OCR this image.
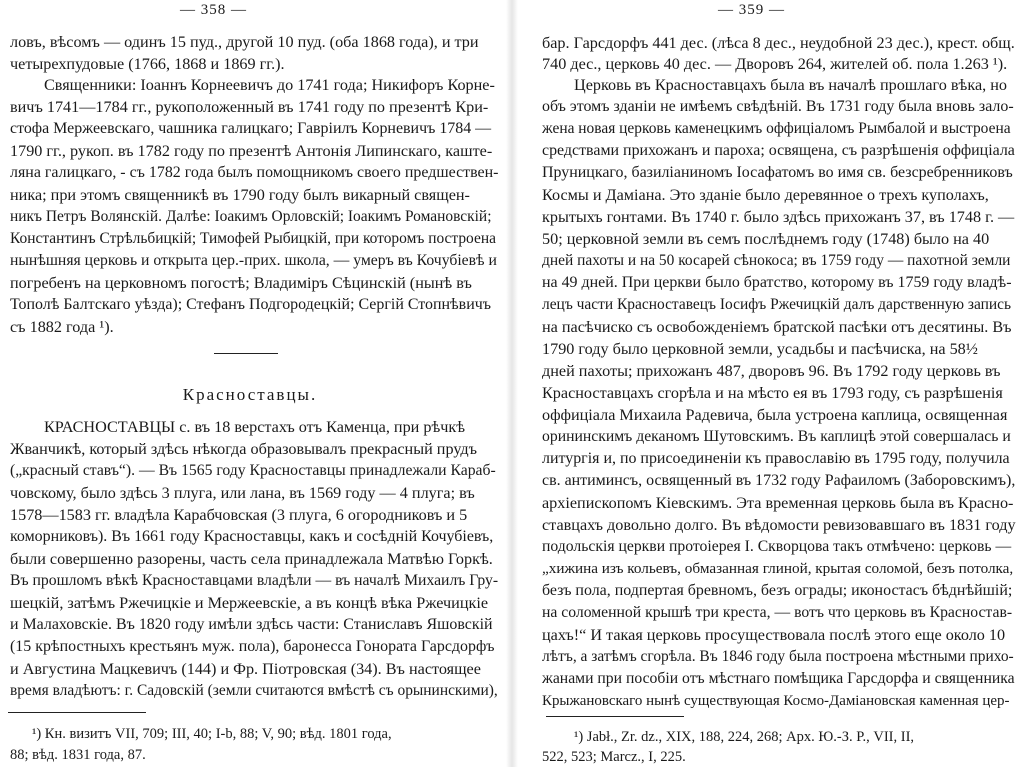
— 358 —
ловъ, вѣсомъ — одинъ 15 пуд., другой 10 пуд. (оба 1868 года), и три
четырехпудовые (1766, 1868 и 1869 гг.).
Священники: Іоаннъ Корнеевичъ до 1741 года; Никифоръ Корне-
вичъ 1741—1784 гг., рукоположенный въ 1741 году по презентѣ Кри-
стофа Мержеевскаго, чашника галицкаго; Гавріилъ Корневичъ 1784 —
1790 гг., рукоп. въ 1782 году по презентѣ Антонія Липинскаго, каште-
ляна галицкаго, - съ 1782 года былъ помощникомъ своего предшествен-
ника; при этомъ священникѣ въ 1790 году былъ викарный священ-
никъ Петръ Волянскій. Далѣе: Іоакимъ Орловскій; Іоакимъ Романовскій;
Константинъ Стрѣльбицкій; Тимофей Рыбицкій, при которомъ построена
нынѣшняя церковь и открыта цер.-прих. школа, — умеръ въ Кочубіевѣ и
погребенъ на церковномъ погостѣ; Владиміръ Сѣцинскій (нынѣ въ
Тополѣ Балтскаго уѣзда); Стефанъ Подгородецкій; Сергій Стопнѣвичъ
съ 1882 года ¹).
Красноставцы.
КРАСНОСТАВЦЫ с. въ 18 верстахъ отъ Каменца, при рѣчкѣ
Жванчикѣ, который здѣсь нѣкогда образовывалъ прекрасный прудъ
(„красный ставъ“). — Въ 1565 году Красноставцы принадлежали Караб-
човскому, было здѣсь 3 плуга, или лана, въ 1569 году — 4 плуга; въ
1578—1583 гг. владѣла Карабчовская (3 плуга, 6 огородниковъ и 5
коморниковъ). Въ 1661 году Красноставцы, какъ и сосѣдній Кочубіевъ,
были совершенно разорены, часть села принадлежала Матвѣю Горкѣ.
Въ прошломъ вѣкѣ Красноставцами владѣли — въ началѣ Михаилъ Гру-
шецкій, затѣмъ Ржечицкіе и Мержеевскіе, а въ концѣ вѣка Ржечицкіе
и Малаховскіе. Въ 1820 году имѣли здѣсь части: Станиславъ Яшовскій
(15 крѣпостныхъ крестьянъ муж. пола), баронесса Гонората Гарсдорфъ
и Августина Мацкевичъ (144) и Фр. Піотровская (34). Въ настоящее
время владѣютъ: г. Садовскій (земли считаются вмѣстѣ съ орынинскими),
¹) Кн. визитъ VII, 709; III, 40; I-b, 88; V, 90; вѣд. 1801 года,
88; вѣд. 1831 года, 87.
— 359 —
бар. Гарсдорфъ 441 дес. (лѣса 8 дес., неудобной 23 дес.), крест. общ.
740 дес., церковь 40 дес. — Дворовъ 264, жителей об. пола 1.263 ¹).
Церковь въ Красноставцахъ была въ началѣ прошлаго вѣка, но
объ этомъ зданіи не имѣемъ свѣдѣній. Въ 1731 году была вновь зало-
жена новая церковь каменецкимъ оффиціаломъ Рымбалой и выстроена
средствами прихожанъ и пароха; освящена, съ разрѣшенія оффиціала
Пруницкаго, базиліаниномъ Іосафатомъ во имя св. безсребренниковъ
Космы и Даміана. Это зданіе было деревянное о трехъ куполахъ,
крытыхъ гонтами. Въ 1740 г. было здѣсь прихожанъ 37, въ 1748 г. —
50; церковной земли въ семъ послѣднемъ году (1748) было на 40
дней пахоты и на 50 косарей сѣнокоса; въ 1759 году — пахотной земли
на 49 дней. При церкви было братство, которому въ 1759 году владѣ-
лецъ части Красноставецъ Іосифъ Ржечицкій далъ дарственную запись
на пасѣчиско съ освобожденіемъ братской пасѣки отъ десятины. Въ
1790 году было церковной земли, усадьбы и пасѣчиска, на 58½
дней пахоты; прихожанъ 487, дворовъ 96. Въ 1792 году церковь въ
Красноставцахъ сгорѣла и на мѣсто ея въ 1793 году, съ разрѣшенія
оффиціала Михаила Радевича, была устроена каплица, освященная
орининскимъ деканомъ Шутовскимъ. Въ каплицѣ этой совершалась и
литургія и, по присоединеніи къ православію въ 1795 году, получила
св. антиминсъ, освященный въ 1732 году Рафаиломъ (Заборовскимъ),
архіепископомъ Кіевскимъ. Эта временная церковь была въ Красно-
ставцахъ довольно долго. Въ вѣдомости ревизовавшаго въ 1831 году
подольскія церкви протоіерея I. Скворцова такъ отмѣчено: церковь —
„хижина изъ кольевъ, обмазанная глиной, крытая соломой, безъ потолка,
безъ пола, подпертая бревномъ, безъ ограды; иконостасъ бѣднѣйшій;
на соломенной крышѣ три креста, — вотъ что церковь въ Красностав-
цахъ!“ И такая церковь просуществовала послѣ этого еще около 10
лѣтъ, а затѣмъ сгорѣла. Въ 1846 году была построена мѣстными прихо-
жанами при пособіи отъ мѣстнаго помѣщика Гарсдорфа и священника
Крыжановскаго нынѣ существующая Космо-Даміановская каменная цер-
¹) Jabł., Zr. dz., XIX, 188, 224, 268; Арх. Ю.-З. Р., VII, II,
522, 523; Marcz., I, 225.
